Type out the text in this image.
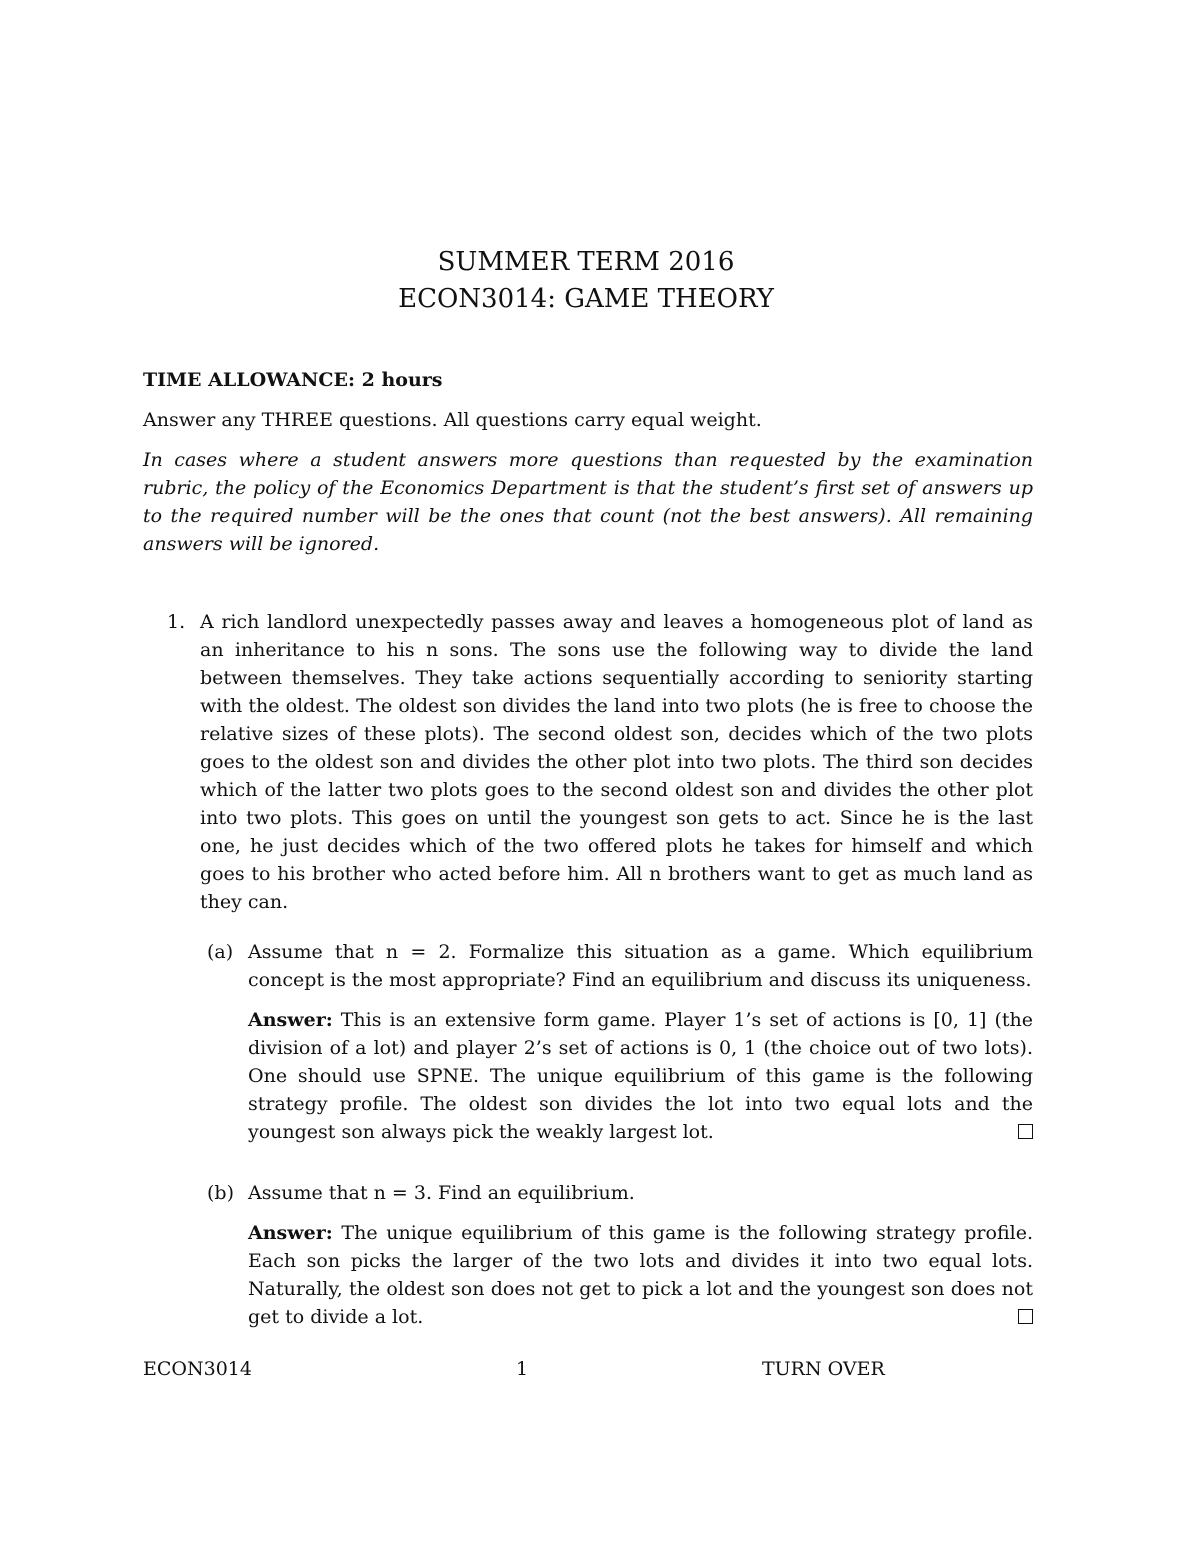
SUMMER TERM 2016
ECON3014: GAME THEORY
TIME ALLOWANCE: 2 hours
Answer any THREE questions. All questions carry equal weight.
In cases where a student answers more questions than requested by the examination rubric, the policy of the Economics Department is that the student’s first set of answers up to the required number will be the ones that count (not the best answers). All remaining answers will be ignored.
1. A rich landlord unexpectedly passes away and leaves a homogeneous plot of land as an inheritance to his n sons. The sons use the following way to divide the land between themselves. They take actions sequentially according to seniority starting with the oldest. The oldest son divides the land into two plots (he is free to choose the relative sizes of these plots). The second oldest son, decides which of the two plots goes to the oldest son and divides the other plot into two plots. The third son decides which of the latter two plots goes to the second oldest son and divides the other plot into two plots. This goes on until the youngest son gets to act. Since he is the last one, he just decides which of the two offered plots he takes for himself and which goes to his brother who acted before him. All n brothers want to get as much land as they can.
(a) Assume that n = 2. Formalize this situation as a game. Which equilibrium concept is the most appropriate? Find an equilibrium and discuss its uniqueness.
Answer: This is an extensive form game. Player 1’s set of actions is [0, 1] (the division of a lot) and player 2’s set of actions is 0, 1 (the choice out of two lots). One should use SPNE. The unique equilibrium of this game is the following strategy profile. The oldest son divides the lot into two equal lots and the youngest son always pick the weakly largest lot.
(b) Assume that n = 3. Find an equilibrium.
Answer: The unique equilibrium of this game is the following strategy profile. Each son picks the larger of the two lots and divides it into two equal lots. Naturally, the oldest son does not get to pick a lot and the youngest son does not get to divide a lot.
ECON3014	1	TURN OVER
